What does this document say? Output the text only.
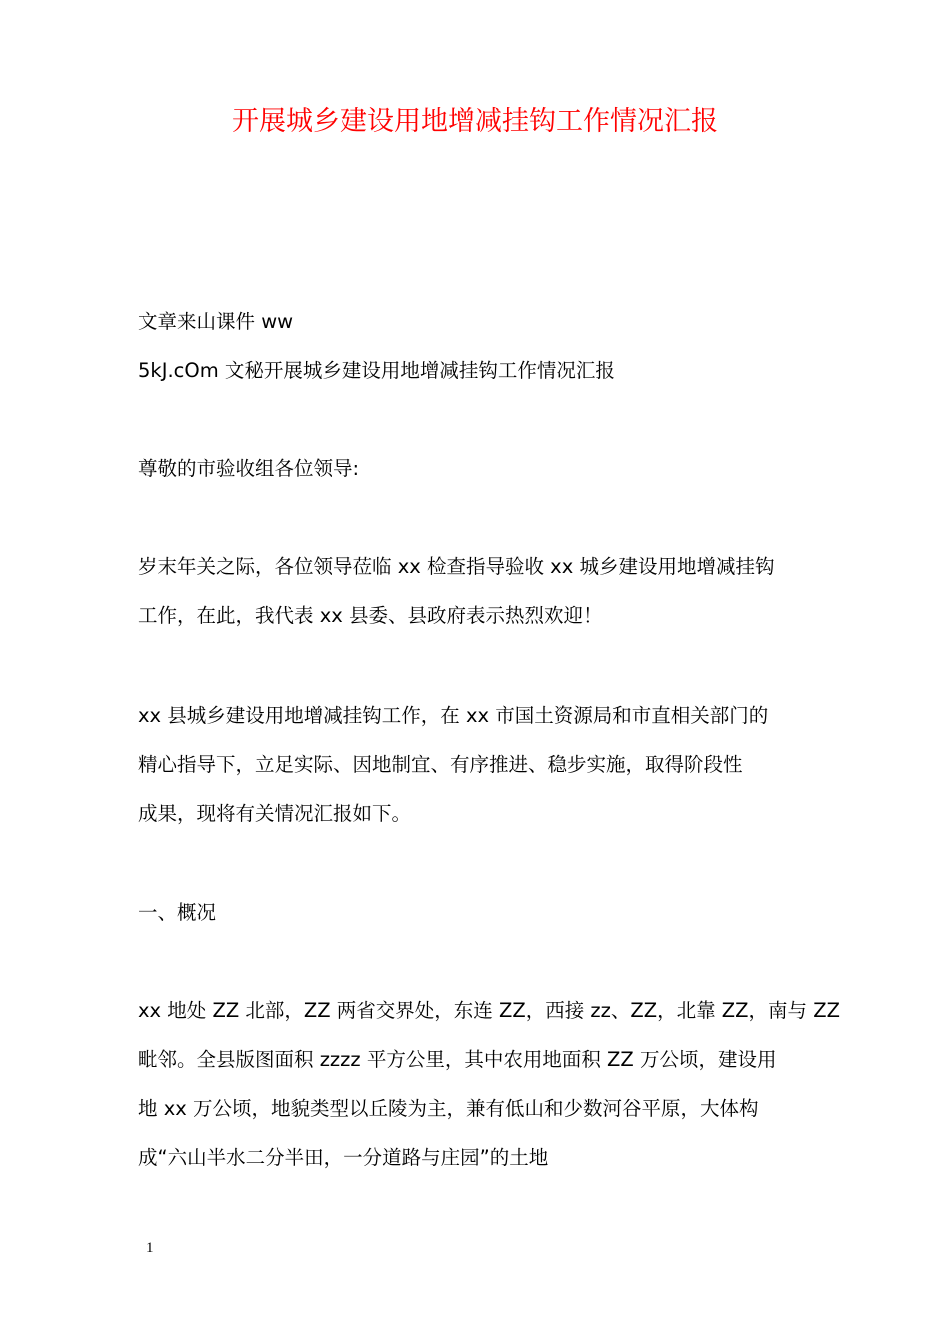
开展城乡建设用地增减挂钩工作情况汇报
文章来山课件 ww
5kJ.cOm 文秘开展城乡建设用地增减挂钩工作情况汇报
尊敬的市验收组各位领导:
岁末年关之际，各位领导莅临 xx 检查指导验收 xx 城乡建设用地增减挂钩
工作，在此，我代表 xx 县委、县政府表示热烈欢迎！
xx 县城乡建设用地增减挂钩工作，在 xx 市国土资源局和市直相关部门的
精心指导下，立足实际、因地制宜、有序推进、稳步实施，取得阶段性
成果，现将有关情况汇报如下。
一、概况
xx 地处 ZZ 北部，ZZ 两省交界处，东连 ZZ，西接 zz、ZZ，北靠 ZZ，南与 ZZ
毗邻。全县版图面积 zzzz 平方公里，其中农用地面积 ZZ 万公顷，建设用
地 xx 万公顷，地貌类型以丘陵为主，兼有低山和少数河谷平原，大体构
成“六山半水二分半田，一分道路与庄园”的土地
1
